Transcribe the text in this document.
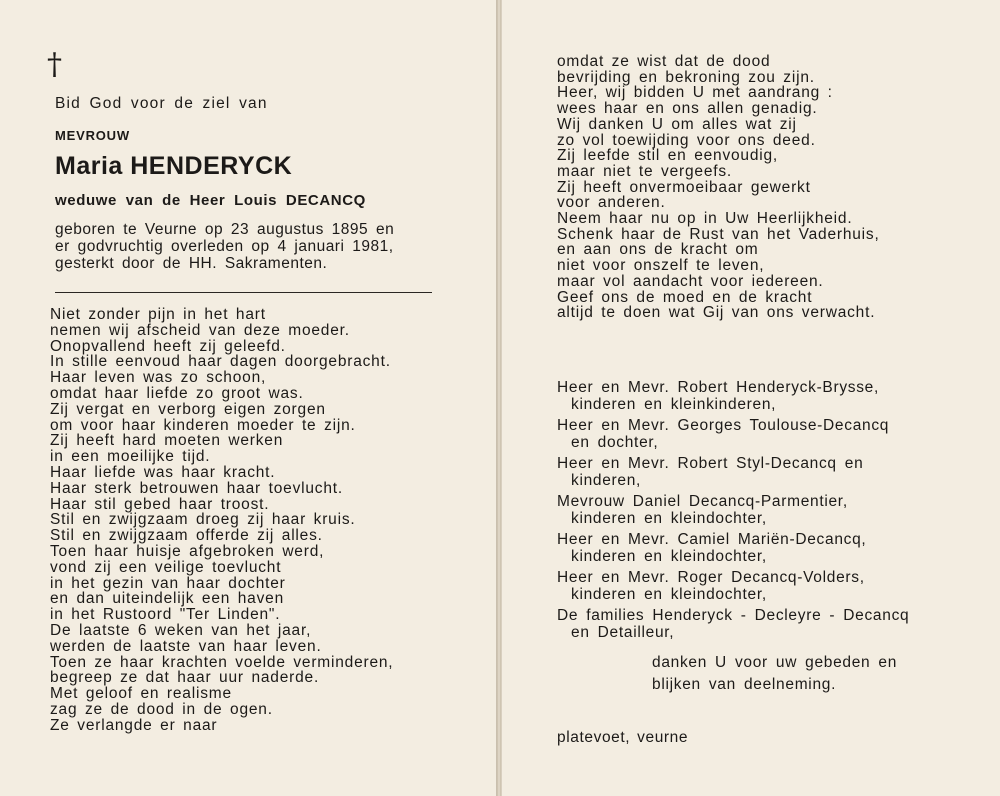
†
Bid God voor de ziel van
MEVROUW
Maria HENDERYCK
weduwe van de Heer Louis DECANCQ
geboren te Veurne op 23 augustus 1895 en
er godvruchtig overleden op 4 januari 1981,
gesterkt door de HH. Sakramenten.
Niet zonder pijn in het hart
nemen wij afscheid van deze moeder.
Onopvallend heeft zij geleefd.
In stille eenvoud haar dagen doorgebracht.
Haar leven was zo schoon,
omdat haar liefde zo groot was.
Zij vergat en verborg eigen zorgen
om voor haar kinderen moeder te zijn.
Zij heeft hard moeten werken
in een moeilijke tijd.
Haar liefde was haar kracht.
Haar sterk betrouwen haar toevlucht.
Haar stil gebed haar troost.
Stil en zwijgzaam droeg zij haar kruis.
Stil en zwijgzaam offerde zij alles.
Toen haar huisje afgebroken werd,
vond zij een veilige toevlucht
in het gezin van haar dochter
en dan uiteindelijk een haven
in het Rustoord "Ter Linden".
De laatste 6 weken van het jaar,
werden de laatste van haar leven.
Toen ze haar krachten voelde verminderen,
begreep ze dat haar uur naderde.
Met geloof en realisme
zag ze de dood in de ogen.
Ze verlangde er naar
omdat ze wist dat de dood
bevrijding en bekroning zou zijn.
Heer, wij bidden U met aandrang :
wees haar en ons allen genadig.
Wij danken U om alles wat zij
zo vol toewijding voor ons deed.
Zij leefde stil en eenvoudig,
maar niet te vergeefs.
Zij heeft onvermoeibaar gewerkt
voor anderen.
Neem haar nu op in Uw Heerlijkheid.
Schenk haar de Rust van het Vaderhuis,
en aan ons de kracht om
niet voor onszelf te leven,
maar vol aandacht voor iedereen.
Geef ons de moed en de kracht
altijd te doen wat Gij van ons verwacht.
Heer en Mevr. Robert Henderyck-Brysse,
kinderen en kleinkinderen,
Heer en Mevr. Georges Toulouse-Decancq
en dochter,
Heer en Mevr. Robert Styl-Decancq en
kinderen,
Mevrouw Daniel Decancq-Parmentier,
kinderen en kleindochter,
Heer en Mevr. Camiel Mariën-Decancq,
kinderen en kleindochter,
Heer en Mevr. Roger Decancq-Volders,
kinderen en kleindochter,
De families Henderyck - Decleyre - Decancq
en Detailleur,
danken U voor uw gebeden en
blijken van deelneming.
platevoet, veurne
